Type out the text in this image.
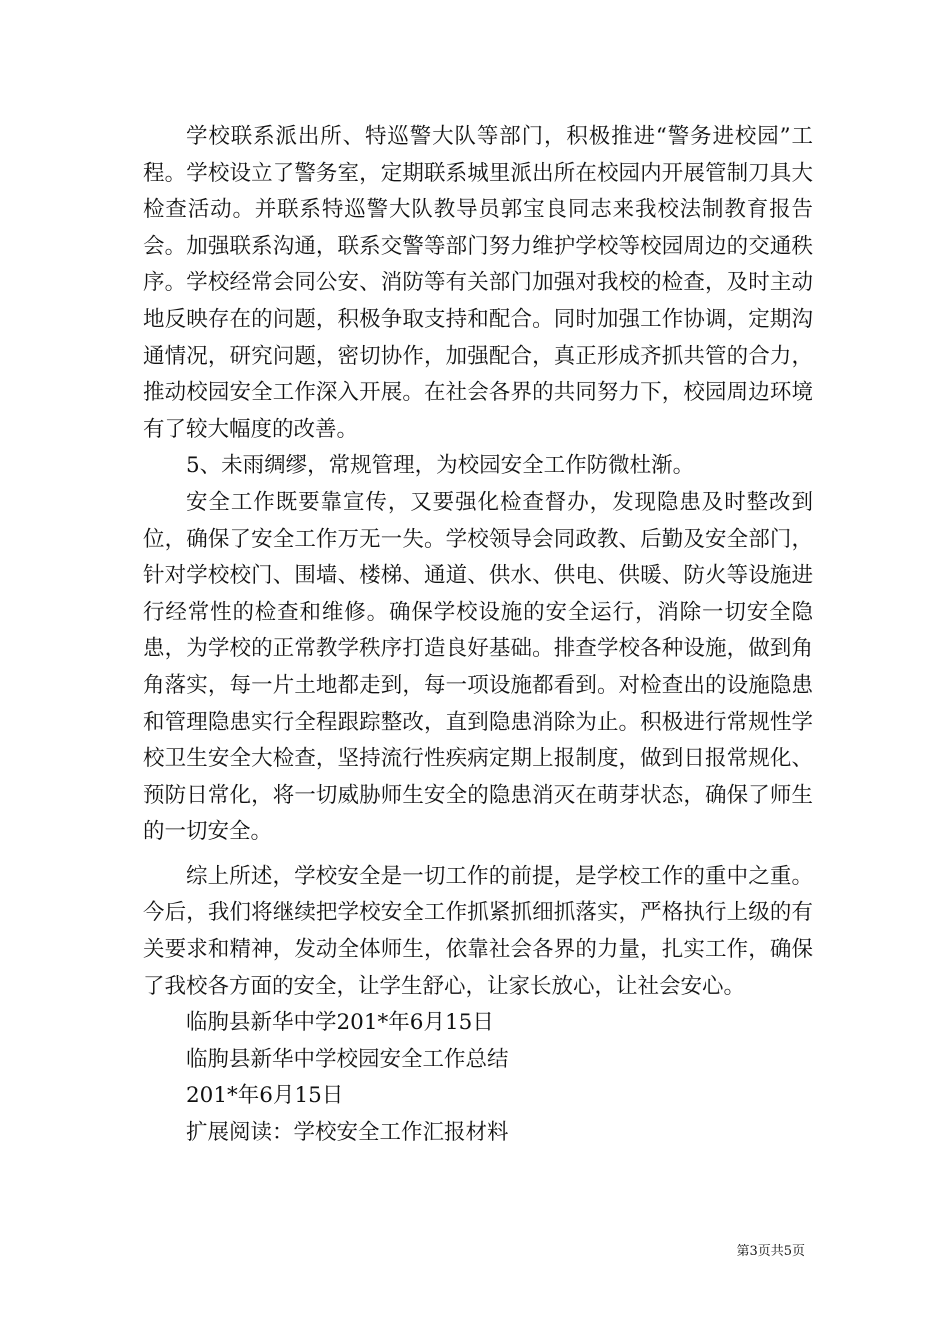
学校联系派出所、特巡警大队等部门，积极推进“警务进校园”工程。学校设立了警务室，定期联系城里派出所在校园内开展管制刀具大检查活动。并联系特巡警大队教导员郭宝良同志来我校法制教育报告会。加强联系沟通，联系交警等部门努力维护学校等校园周边的交通秩序。学校经常会同公安、消防等有关部门加强对我校的检查，及时主动地反映存在的问题，积极争取支持和配合。同时加强工作协调，定期沟通情况，研究问题，密切协作，加强配合，真正形成齐抓共管的合力，推动校园安全工作深入开展。在社会各界的共同努力下，校园周边环境有了较大幅度的改善。

5、未雨绸缪，常规管理，为校园安全工作防微杜渐。

安全工作既要靠宣传，又要强化检查督办，发现隐患及时整改到位，确保了安全工作万无一失。学校领导会同政教、后勤及安全部门，针对学校校门、围墙、楼梯、通道、供水、供电、供暖、防火等设施进行经常性的检查和维修。确保学校设施的安全运行，消除一切安全隐患，为学校的正常教学秩序打造良好基础。排查学校各种设施，做到角角落实，每一片土地都走到，每一项设施都看到。对检查出的设施隐患和管理隐患实行全程跟踪整改，直到隐患消除为止。积极进行常规性学校卫生安全大检查，坚持流行性疾病定期上报制度，做到日报常规化、预防日常化，将一切威胁师生安全的隐患消灭在萌芽状态，确保了师生的一切安全。

综上所述，学校安全是一切工作的前提，是学校工作的重中之重。今后，我们将继续把学校安全工作抓紧抓细抓落实，严格执行上级的有关要求和精神，发动全体师生，依靠社会各界的力量，扎实工作，确保了我校各方面的安全，让学生舒心，让家长放心，让社会安心。

临朐县新华中学201*年6月15日

临朐县新华中学校园安全工作总结

201*年6月15日

扩展阅读：学校安全工作汇报材料

第3页共5页
